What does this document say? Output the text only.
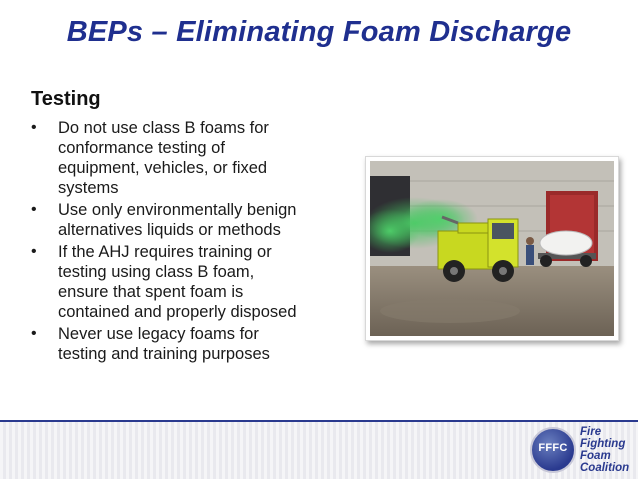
BEPs – Eliminating Foam Discharge
Testing
• Do not use class B foams for conformance testing of equipment, vehicles, or fixed systems
• Use only environmentally benign alternatives liquids or methods
• If the AHJ requires training or testing using class B foam, ensure that spent foam is contained and properly disposed
• Never use legacy foams for testing and training purposes
FFFC
Fire
Fighting
Foam
Coalition
